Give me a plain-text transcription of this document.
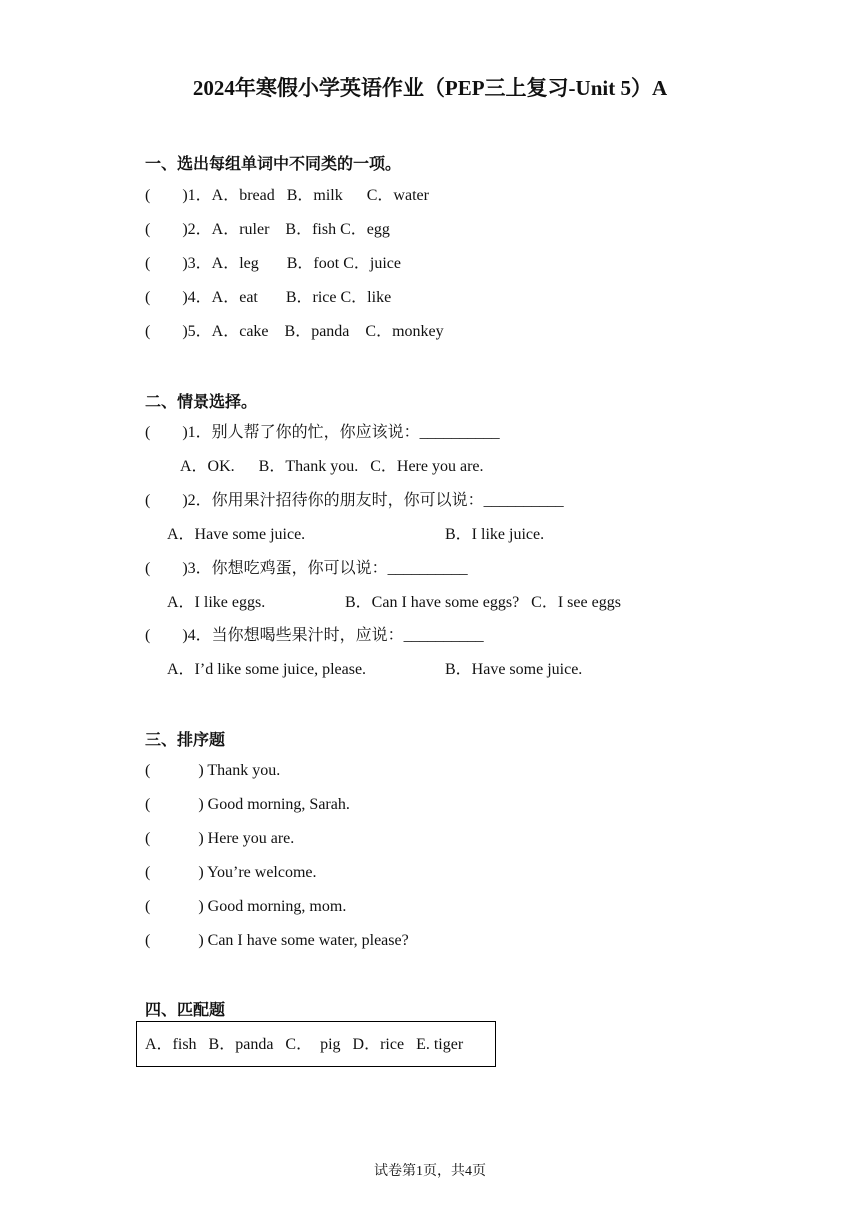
2024年寒假小学英语作业（PEP三上复习-Unit 5）A
一、选出每组单词中不同类的一项。
(        )1．A．bread   B．milk      C．water
(        )2．A．ruler    B．fish C．egg
(        )3．A．leg       B．foot C．juice
(        )4．A．eat       B．rice C．like
(        )5．A．cake    B．panda    C．monkey
二、情景选择。
(        )1．别人帮了你的忙，你应该说：__________
A．OK.      B．Thank you.   C．Here you are.
(        )2．你用果汁招待你的朋友时，你可以说：__________
A．Have some juice.	B．I like juice.
(        )3．你想吃鸡蛋，你可以说：__________
A．I like eggs.	B．Can I have some eggs?   C．I see eggs
(        )4．当你想喝些果汁时，应说：__________
A．I’d like some juice, please.	B．Have some juice.
三、排序题
(            ) Thank you.
(            ) Good morning, Sarah.
(            ) Here you are.
(            ) You’re welcome.
(            ) Good morning, mom.
(            ) Can I have some water, please?
四、匹配题
A．fish   B．panda   C．  pig   D．rice   E. tiger
试卷第1页，共4页
